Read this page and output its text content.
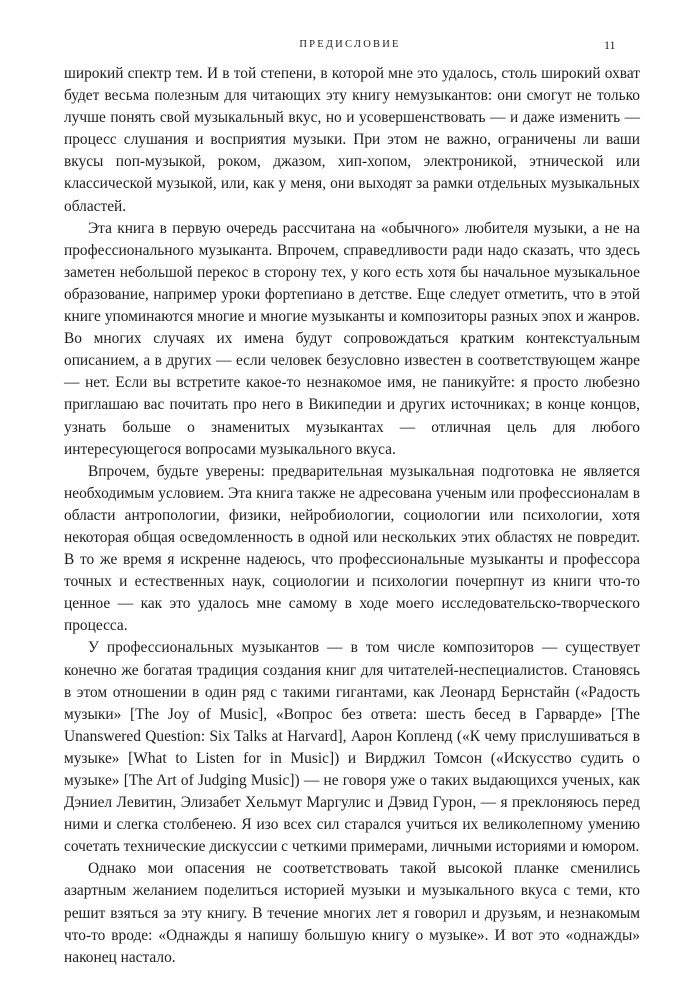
ПРЕДИСЛОВИЕ	11

широкий спектр тем. И в той степени, в которой мне это удалось, столь широкий охват будет весьма полезным для читающих эту книгу немузыкантов: они смогут не только лучше понять свой музыкальный вкус, но и усовершенствовать — и даже изменить — процесс слушания и восприятия музыки. При этом не важно, ограничены ли ваши вкусы поп-музыкой, роком, джазом, хип-хопом, электроникой, этнической или классической музыкой, или, как у меня, они выходят за рамки отдельных музыкальных областей.

Эта книга в первую очередь рассчитана на «обычного» любителя музыки, а не на профессионального музыканта. Впрочем, справедливости ради надо сказать, что здесь заметен небольшой перекос в сторону тех, у кого есть хотя бы начальное музыкальное образование, например уроки фортепиано в детстве. Еще следует отметить, что в этой книге упоминаются многие и многие музыканты и композиторы разных эпох и жанров. Во многих случаях их имена будут сопровождаться кратким контекстуальным описанием, а в других — если человек безусловно известен в соответствующем жанре — нет. Если вы встретите какое-то незнакомое имя, не паникуйте: я просто любезно приглашаю вас почитать про него в Википедии и других источниках; в конце концов, узнать больше о знаменитых музыкантах — отличная цель для любого интересующегося вопросами музыкального вкуса.

Впрочем, будьте уверены: предварительная музыкальная подготовка не является необходимым условием. Эта книга также не адресована ученым или профессионалам в области антропологии, физики, нейробиологии, социологии или психологии, хотя некоторая общая осведомленность в одной или нескольких этих областях не повредит. В то же время я искренне надеюсь, что профессиональные музыканты и профессора точных и естественных наук, социологии и психологии почерпнут из книги что-то ценное — как это удалось мне самому в ходе моего исследовательско-творческого процесса.

У профессиональных музыкантов — в том числе композиторов — существует конечно же богатая традиция создания книг для читателей-неспециалистов. Становясь в этом отношении в один ряд с такими гигантами, как Леонард Бернстайн («Радость музыки» [The Joy of Music], «Вопрос без ответа: шесть бесед в Гарварде» [The Unanswered Question: Six Talks at Harvard], Аарон Копленд («К чему прислушиваться в музыке» [What to Listen for in Music]) и Вирджил Томсон («Искусство судить о музыке» [The Art of Judging Music]) — не говоря уже о таких выдающихся ученых, как Дэниел Левитин, Элизабет Хельмут Маргулис и Дэвид Гурон, — я преклоняюсь перед ними и слегка столбенею. Я изо всех сил старался учиться их великолепному умению сочетать технические дискуссии с четкими примерами, личными историями и юмором.

Однако мои опасения не соответствовать такой высокой планке сменились азартным желанием поделиться историей музыки и музыкального вкуса с теми, кто решит взяться за эту книгу. В течение многих лет я говорил и друзьям, и незнакомым что-то вроде: «Однажды я напишу большую книгу о музыке». И вот это «однажды» наконец настало.
